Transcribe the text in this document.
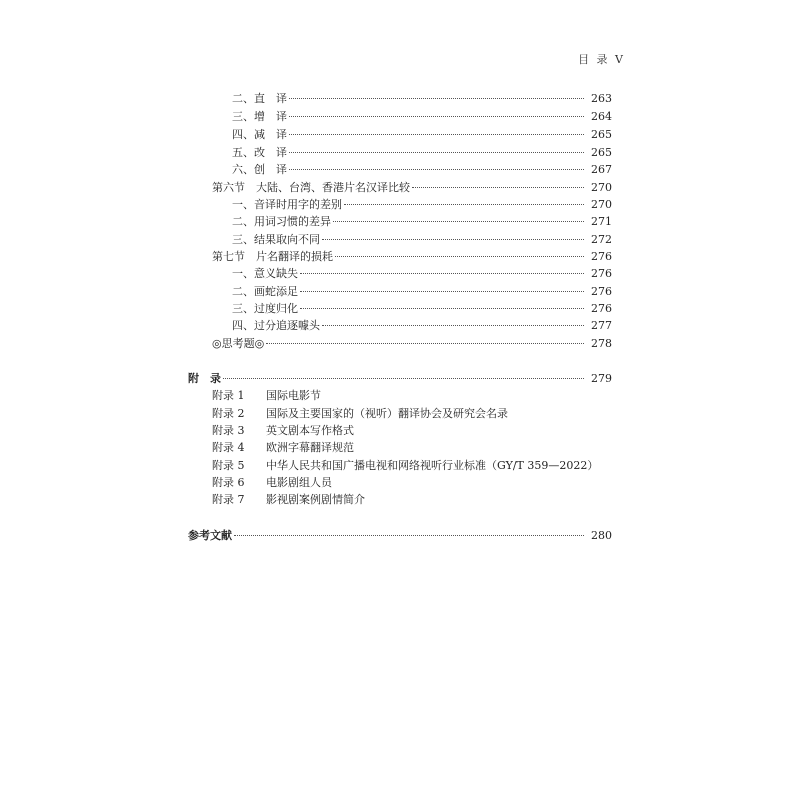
目 录 V
二、直　译	263
三、增　译	264
四、减　译	265
五、改　译	265
六、创　译	267
第六节　大陆、台湾、香港片名汉译比较	270
一、音译时用字的差别	270
二、用词习惯的差异	271
三、结果取向不同	272
第七节　片名翻译的损耗	276
一、意义缺失	276
二、画蛇添足	276
三、过度归化	276
四、过分追逐噱头	277
◎思考题◎	278
附　录	279
附录 1 国际电影节
附录 2 国际及主要国家的（视听）翻译协会及研究会名录
附录 3 英文剧本写作格式
附录 4 欧洲字幕翻译规范
附录 5 中华人民共和国广播电视和网络视听行业标准（GY/T 359—2022）
附录 6 电影剧组人员
附录 7 影视剧案例剧情简介
参考文献	280
